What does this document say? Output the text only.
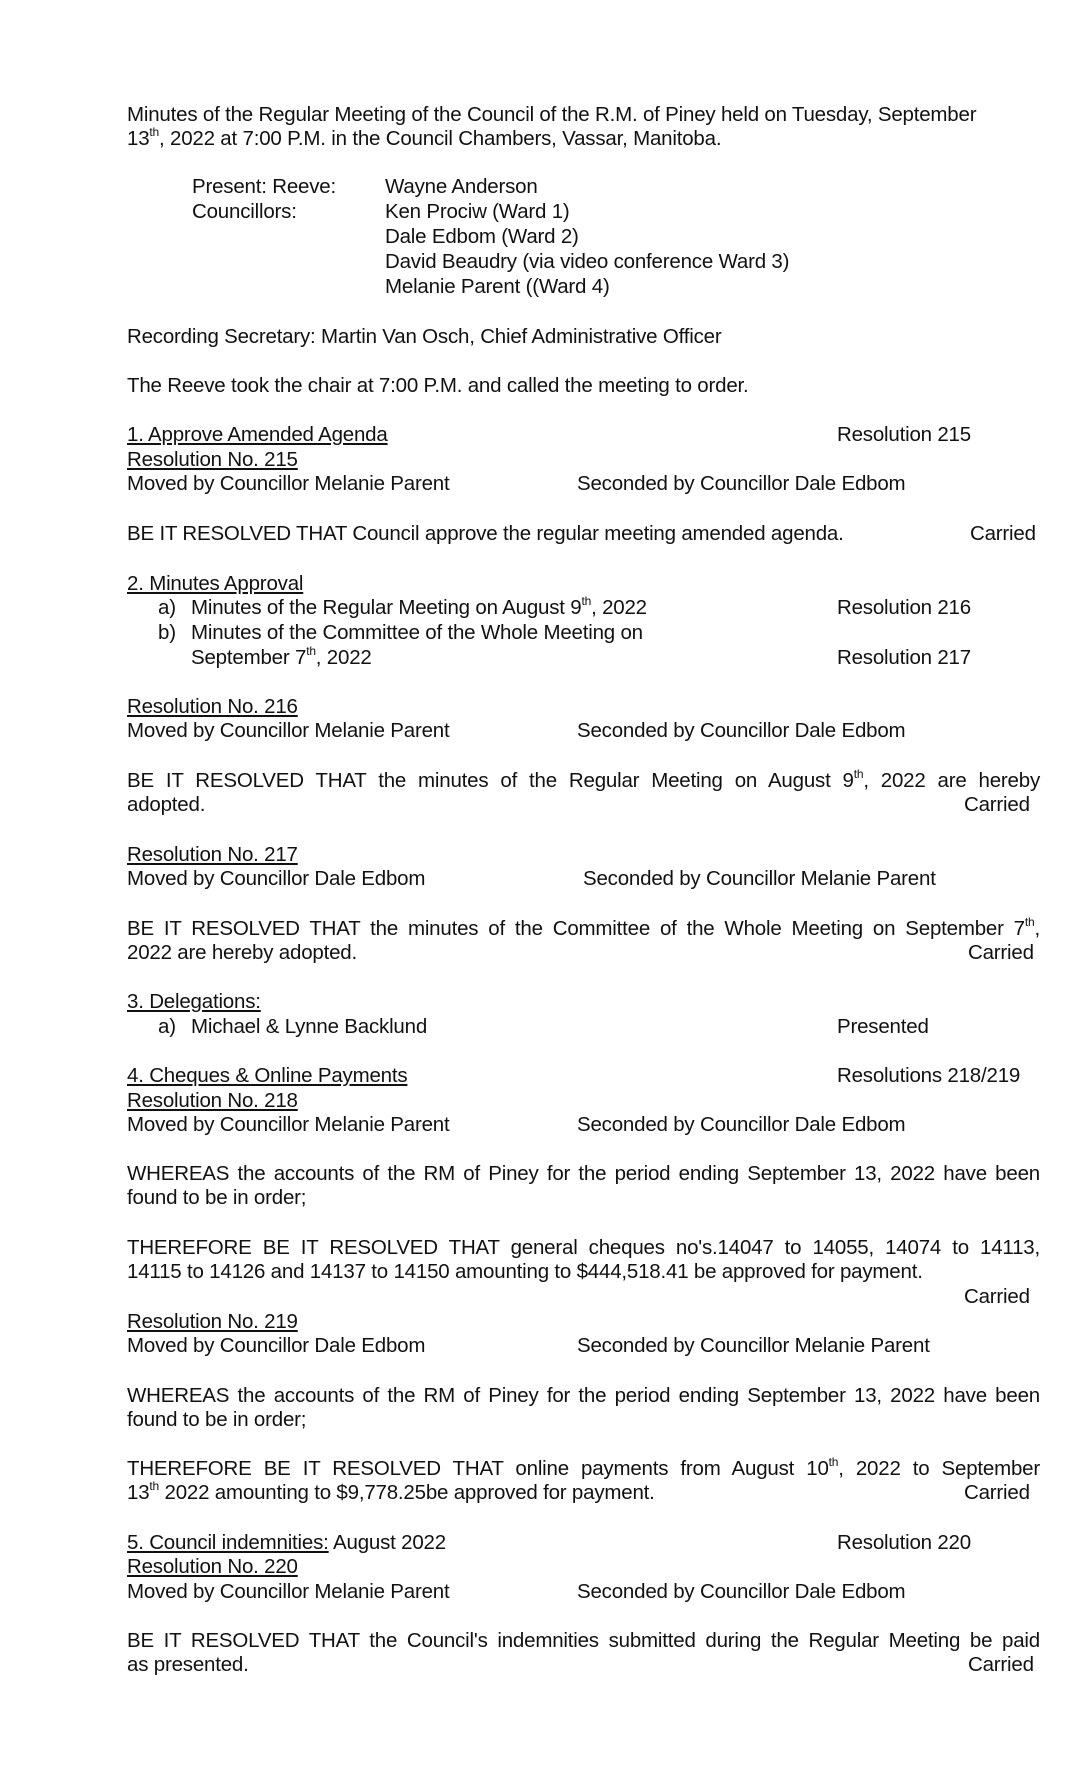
Minutes of the Regular Meeting of the Council of the R.M. of Piney held on Tuesday, September
13th, 2022 at 7:00 P.M. in the Council Chambers, Vassar, Manitoba.
Present: Reeve: Wayne Anderson
Councillors:	Ken Prociw (Ward 1)
Dale Edbom (Ward 2)
David Beaudry (via video conference Ward 3)
Melanie Parent ((Ward 4)
Recording Secretary: Martin Van Osch, Chief Administrative Officer
The Reeve took the chair at 7:00 P.M. and called the meeting to order.
1. Approve Amended Agenda	Resolution 215
Resolution No. 215
Moved by Councillor Melanie Parent	Seconded by Councillor Dale Edbom
BE IT RESOLVED THAT Council approve the regular meeting amended agenda.	Carried
2. Minutes Approval
a) Minutes of the Regular Meeting on August 9th, 2022	Resolution 216
b) Minutes of the Committee of the Whole Meeting on
September 7th, 2022	Resolution 217
Resolution No. 216
Moved by Councillor Melanie Parent	Seconded by Councillor Dale Edbom
BE IT RESOLVED THAT the minutes of the Regular Meeting on August 9th, 2022 are hereby
adopted.	Carried
Resolution No. 217
Moved by Councillor Dale Edbom	Seconded by Councillor Melanie Parent
BE IT RESOLVED THAT the minutes of the Committee of the Whole Meeting on September 7th,
2022 are hereby adopted.	Carried
3. Delegations:
a) Michael & Lynne Backlund	Presented
4. Cheques & Online Payments	Resolutions 218/219
Resolution No. 218
Moved by Councillor Melanie Parent	Seconded by Councillor Dale Edbom
WHEREAS the accounts of the RM of Piney for the period ending September 13, 2022 have been
found to be in order;
THEREFORE BE IT RESOLVED THAT general cheques no's.14047 to 14055, 14074 to 14113,
14115 to 14126 and 14137 to 14150 amounting to $444,518.41 be approved for payment.
Carried
Resolution No. 219
Moved by Councillor Dale Edbom	Seconded by Councillor Melanie Parent
WHEREAS the accounts of the RM of Piney for the period ending September 13, 2022 have been
found to be in order;
THEREFORE BE IT RESOLVED THAT online payments from August 10th, 2022 to September
13th 2022 amounting to $9,778.25be approved for payment.	Carried
5. Council indemnities: August 2022	Resolution 220
Resolution No. 220
Moved by Councillor Melanie Parent	Seconded by Councillor Dale Edbom
BE IT RESOLVED THAT the Council's indemnities submitted during the Regular Meeting be paid
as presented.	Carried
